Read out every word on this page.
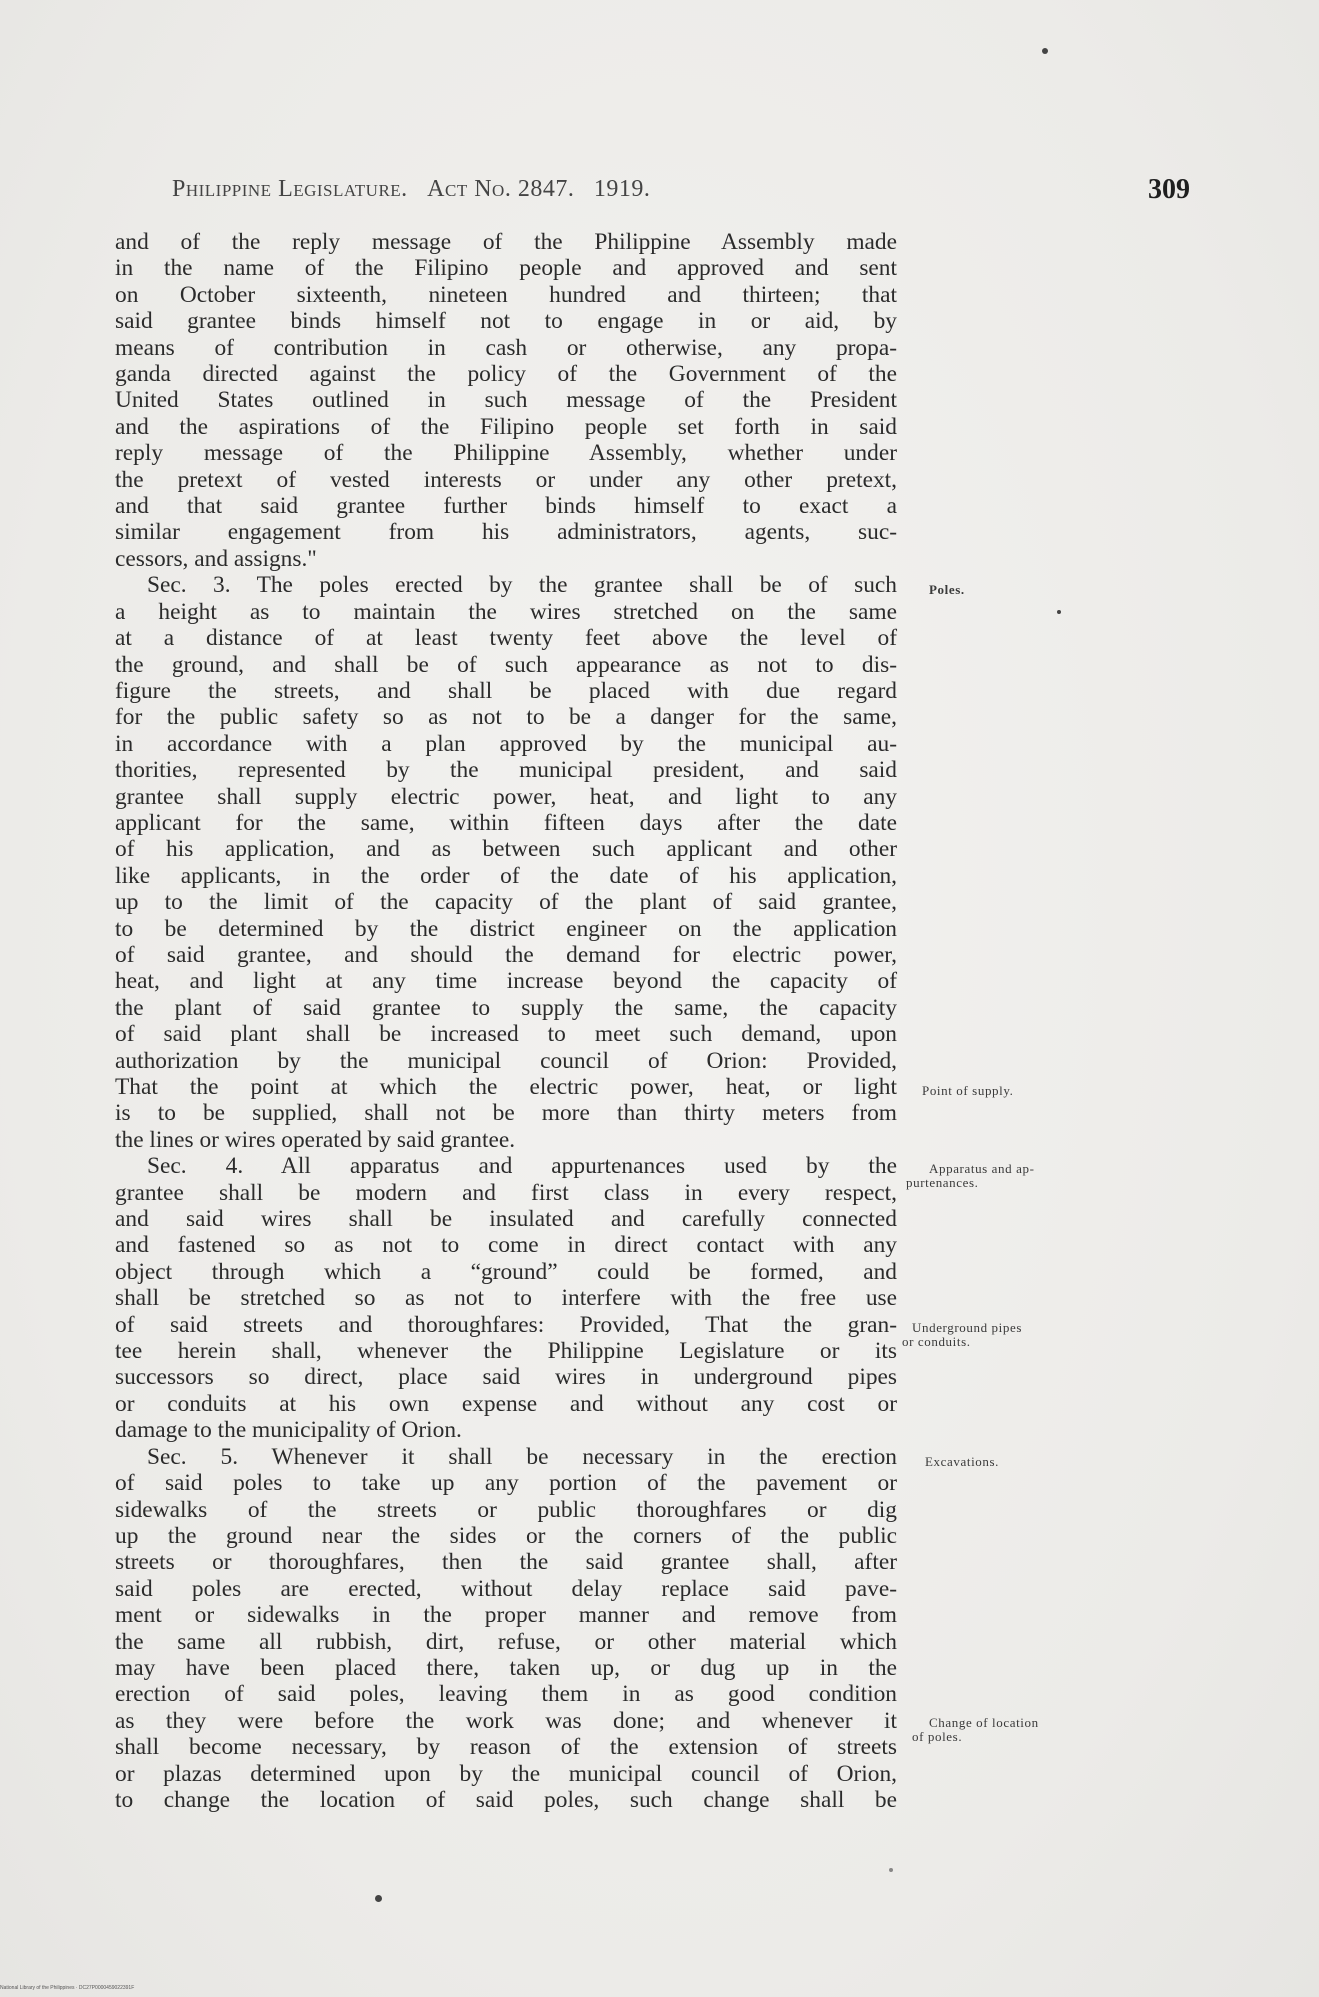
Philippine Legislature. Act No. 2847. 1919.	309
and of the reply message of the Philippine Assembly made
in the name of the Filipino people and approved and sent
on October sixteenth, nineteen hundred and thirteen; that
said grantee binds himself not to engage in or aid, by
means of contribution in cash or otherwise, any propa-
ganda directed against the policy of the Government of the
United States outlined in such message of the President
and the aspirations of the Filipino people set forth in said
reply message of the Philippine Assembly, whether under
the pretext of vested interests or under any other pretext,
and that said grantee further binds himself to exact a
similar engagement from his administrators, agents, suc-
cessors, and assigns."
Sec. 3. The poles erected by the grantee shall be of such
a height as to maintain the wires stretched on the same
at a distance of at least twenty feet above the level of
the ground, and shall be of such appearance as not to dis-
figure the streets, and shall be placed with due regard
for the public safety so as not to be a danger for the same,
in accordance with a plan approved by the municipal au-
thorities, represented by the municipal president, and said
grantee shall supply electric power, heat, and light to any
applicant for the same, within fifteen days after the date
of his application, and as between such applicant and other
like applicants, in the order of the date of his application,
up to the limit of the capacity of the plant of said grantee,
to be determined by the district engineer on the application
of said grantee, and should the demand for electric power,
heat, and light at any time increase beyond the capacity of
the plant of said grantee to supply the same, the capacity
of said plant shall be increased to meet such demand, upon
authorization by the municipal council of Orion: Provided,
That the point at which the electric power, heat, or light
is to be supplied, shall not be more than thirty meters from
the lines or wires operated by said grantee.
Sec. 4. All apparatus and appurtenances used by the
grantee shall be modern and first class in every respect,
and said wires shall be insulated and carefully connected
and fastened so as not to come in direct contact with any
object through which a “ground” could be formed, and
shall be stretched so as not to interfere with the free use
of said streets and thoroughfares: Provided, That the gran-
tee herein shall, whenever the Philippine Legislature or its
successors so direct, place said wires in underground pipes
or conduits at his own expense and without any cost or
damage to the municipality of Orion.
Sec. 5. Whenever it shall be necessary in the erection
of said poles to take up any portion of the pavement or
sidewalks of the streets or public thoroughfares or dig
up the ground near the sides or the corners of the public
streets or thoroughfares, then the said grantee shall, after
said poles are erected, without delay replace said pave-
ment or sidewalks in the proper manner and remove from
the same all rubbish, dirt, refuse, or other material which
may have been placed there, taken up, or dug up in the
erection of said poles, leaving them in as good condition
as they were before the work was done; and whenever it
shall become necessary, by reason of the extension of streets
or plazas determined upon by the municipal council of Orion,
to change the location of said poles, such change shall be
Poles.
Point of supply.
Apparatus and ap-
purtenances.
Underground pipes
or conduits.
Excavations.
Change of location
of poles.
National Library of the Philippines · DC27P0000459022391F
